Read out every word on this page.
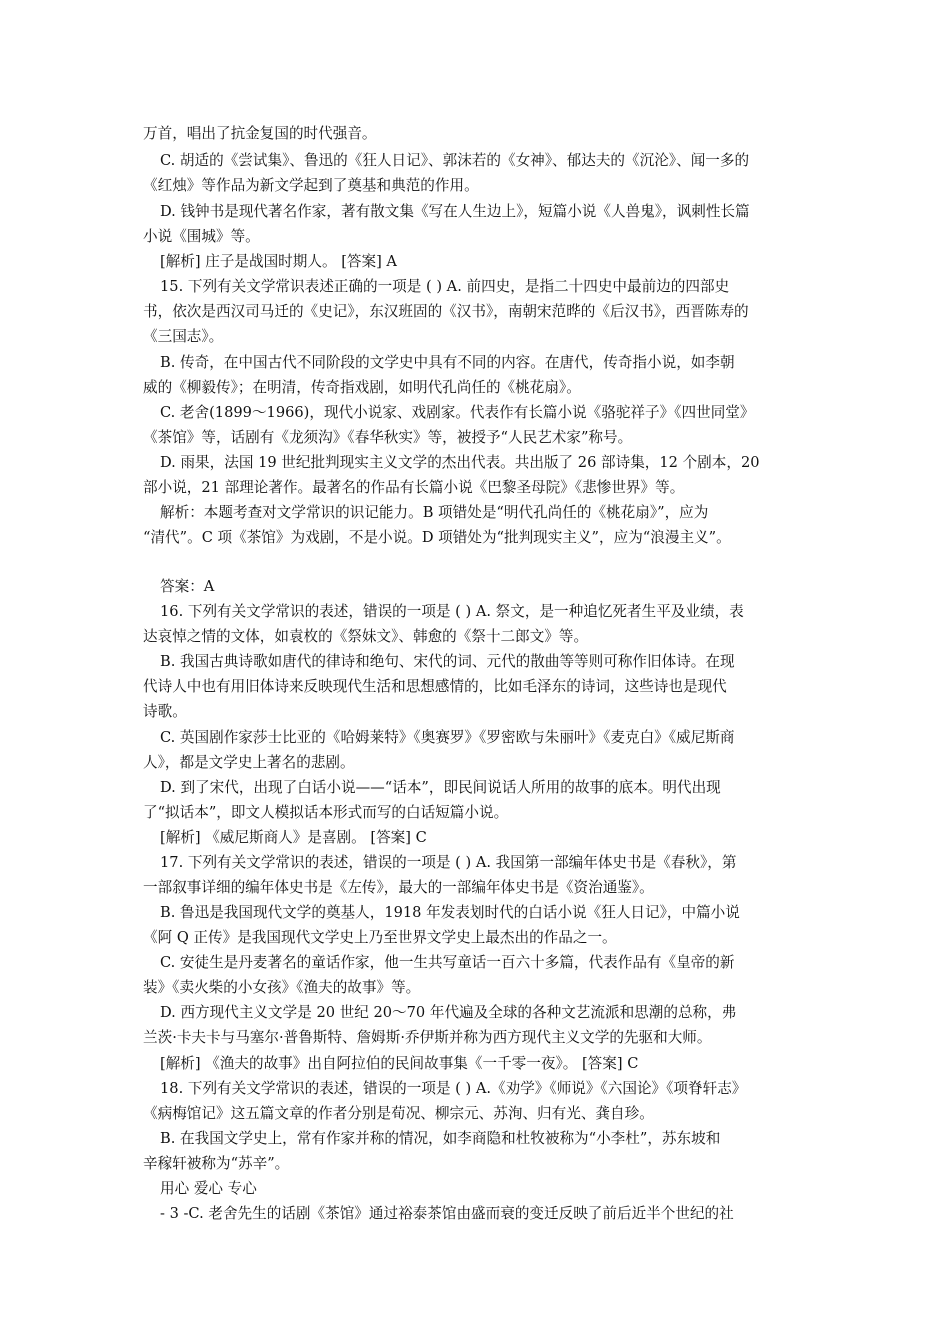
万首，唱出了抗金复国的时代强音。
C. 胡适的《尝试集》、鲁迅的《狂人日记》、郭沫若的《女神》、郁达夫的《沉沦》、闻一多的
《红烛》等作品为新文学起到了奠基和典范的作用。
D. 钱钟书是现代著名作家，著有散文集《写在人生边上》，短篇小说《人兽鬼》，讽刺性长篇
小说《围城》等。
[解析] 庄子是战国时期人。 [答案] A
15. 下列有关文学常识表述正确的一项是 ( ) A. 前四史，是指二十四史中最前边的四部史
书，依次是西汉司马迁的《史记》，东汉班固的《汉书》，南朝宋范晔的《后汉书》，西晋陈寿的
《三国志》。
B. 传奇，在中国古代不同阶段的文学史中具有不同的内容。在唐代，传奇指小说，如李朝
威的《柳毅传》；在明清，传奇指戏剧，如明代孔尚任的《桃花扇》。
C. 老舍(1899～1966)，现代小说家、戏剧家。代表作有长篇小说《骆驼祥子》《四世同堂》
《茶馆》等，话剧有《龙须沟》《春华秋实》等，被授予“人民艺术家”称号。
D. 雨果，法国 19 世纪批判现实主义文学的杰出代表。共出版了 26 部诗集，12 个剧本，20
部小说，21 部理论著作。最著名的作品有长篇小说《巴黎圣母院》《悲惨世界》等。
解析：本题考查对文学常识的识记能力。B 项错处是“明代孔尚任的《桃花扇》”，应为
“清代”。C 项《茶馆》为戏剧，不是小说。D 项错处为“批判现实主义”，应为“浪漫主义”。
答案：A
16. 下列有关文学常识的表述，错误的一项是 ( ) A. 祭文，是一种追忆死者生平及业绩，表
达哀悼之情的文体，如袁枚的《祭妹文》、韩愈的《祭十二郎文》等。
B. 我国古典诗歌如唐代的律诗和绝句、宋代的词、元代的散曲等等则可称作旧体诗。在现
代诗人中也有用旧体诗来反映现代生活和思想感情的，比如毛泽东的诗词，这些诗也是现代
诗歌。
C. 英国剧作家莎士比亚的《哈姆莱特》《奥赛罗》《罗密欧与朱丽叶》《麦克白》《威尼斯商
人》，都是文学史上著名的悲剧。
D. 到了宋代，出现了白话小说——“话本”，即民间说话人所用的故事的底本。明代出现
了“拟话本”，即文人模拟话本形式而写的白话短篇小说。
[解析] 《威尼斯商人》是喜剧。 [答案] C
17. 下列有关文学常识的表述，错误的一项是 ( ) A. 我国第一部编年体史书是《春秋》，第
一部叙事详细的编年体史书是《左传》，最大的一部编年体史书是《资治通鉴》。
B. 鲁迅是我国现代文学的奠基人，1918 年发表划时代的白话小说《狂人日记》，中篇小说
《阿 Q 正传》是我国现代文学史上乃至世界文学史上最杰出的作品之一。
C. 安徒生是丹麦著名的童话作家，他一生共写童话一百六十多篇，代表作品有《皇帝的新
装》《卖火柴的小女孩》《渔夫的故事》等。
D. 西方现代主义文学是 20 世纪 20～70 年代遍及全球的各种文艺流派和思潮的总称，弗
兰茨·卡夫卡与马塞尔·普鲁斯特、詹姆斯·乔伊斯并称为西方现代主义文学的先驱和大师。
[解析] 《渔夫的故事》出自阿拉伯的民间故事集《一千零一夜》。 [答案] C
18. 下列有关文学常识的表述，错误的一项是 ( ) A.《劝学》《师说》《六国论》《项脊轩志》
《病梅馆记》这五篇文章的作者分别是荀况、柳宗元、苏洵、归有光、龚自珍。
B. 在我国文学史上，常有作家并称的情况，如李商隐和杜牧被称为“小李杜”，苏东坡和
辛稼轩被称为“苏辛”。
用心 爱心 专心
- 3 -C. 老舍先生的话剧《茶馆》通过裕泰茶馆由盛而衰的变迁反映了前后近半个世纪的社
